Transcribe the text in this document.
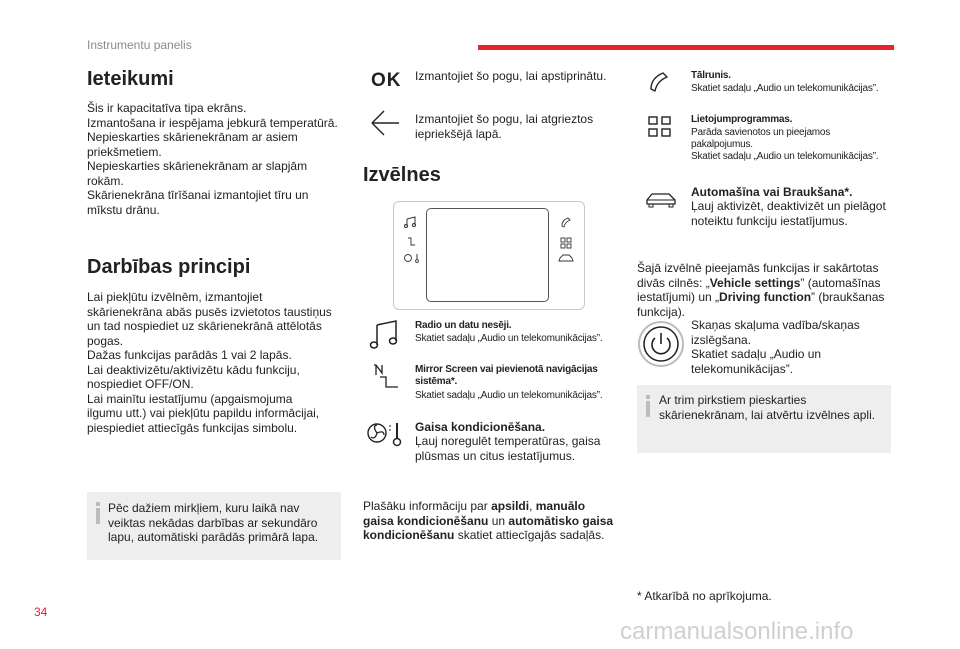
Instrumentu panelis
Ieteikumi
Šis ir kapacitatīva tipa ekrāns.
Izmantošana ir iespējama jebkurā temperatūrā.
Nepieskarties skārienekrānam ar asiem
priekšmetiem.
Nepieskarties skārienekrānam ar slapjām
rokām.
Skārienekrāna tīrīšanai izmantojiet tīru un
mīkstu drānu.
Darbības principi
Lai piekļūtu izvēlnēm, izmantojiet
skārienekrāna abās pusēs izvietotos taustiņus
un tad nospiediet uz skārienekrānā attēlotās
pogas.
Dažas funkcijas parādās 1 vai 2 lapās.
Lai deaktivizētu/aktivizētu kādu funkciju,
nospiediet OFF/ON.
Lai mainītu iestatījumu (apgaismojuma
ilgumu utt.) vai piekļūtu papildu informācijai,
piespiediet attiecīgās funkcijas simbolu.
Pēc dažiem mirkļiem, kuru laikā nav
veiktas nekādas darbības ar sekundāro
lapu, automātiski parādās primārā lapa.
OK Izmantojiet šo pogu, lai apstiprinātu.
Izmantojiet šo pogu, lai atgrieztos
iepriekšējā lapā.
Izvēlnes
Radio un datu nesēji.
Skatiet sadaļu „Audio un telekomunikācijas”.
Mirror Screen vai pievienotā navigācijas
sistēma*.
Skatiet sadaļu „Audio un telekomunikācijas”.
Gaisa kondicionēšana.
Ļauj noregulēt temperatūras, gaisa
plūsmas un citus iestatījumus.
Plašāku informāciju par apsildi, manuālo
gaisa kondicionēšanu un automātisko gaisa
kondicionēšanu skatiet attiecīgajās sadaļās.
Tālrunis.
Skatiet sadaļu „Audio un telekomunikācijas”.
Lietojumprogrammas.
Parāda savienotos un pieejamos
pakalpojumus.
Skatiet sadaļu „Audio un telekomunikācijas”.
Automašīna vai Braukšana*.
Ļauj aktivizēt, deaktivizēt un pielāgot
noteiktu funkciju iestatījumus.
Šajā izvēlnē pieejamās funkcijas ir sakārtotas
divās cilnēs: „Vehicle settings” (automašīnas
iestatījumi) un „Driving function” (braukšanas
funkcija).
Skaņas skaļuma vadība/skaņas
izslēgšana.
Skatiet sadaļu „Audio un
telekomunikācijas”.
Ar trim pirkstiem pieskarties
skārienekrānam, lai atvērtu izvēlnes apli.
* Atkarībā no aprīkojuma.
34
carmanualsonline.info
